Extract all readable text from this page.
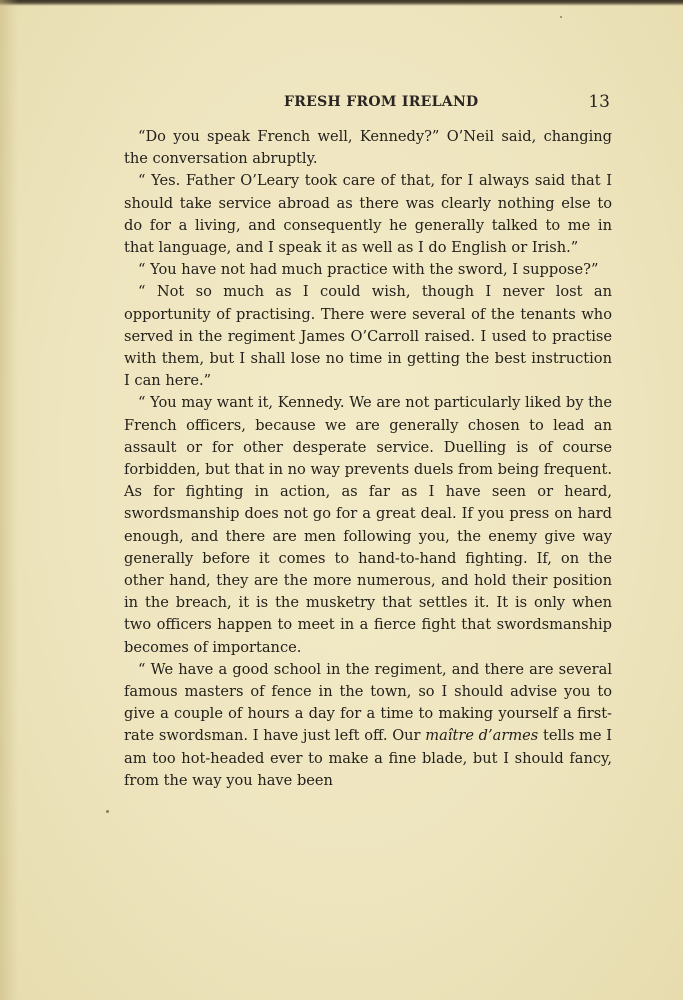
FRESH FROM IRELAND	13

“Do you speak French well, Kennedy?” O’Neil said, changing the conversation abruptly.

“ Yes. Father O’Leary took care of that, for I always said that I should take service abroad as there was clearly nothing else to do for a living, and consequently he generally talked to me in that language, and I speak it as well as I do English or Irish.”

“ You have not had much practice with the sword, I suppose?”

“ Not so much as I could wish, though I never lost an opportunity of practising. There were several of the tenants who served in the regiment James O’Carroll raised. I used to practise with them, but I shall lose no time in getting the best instruction I can here.”

“ You may want it, Kennedy. We are not particularly liked by the French officers, because we are generally chosen to lead an assault or for other desperate service. Duelling is of course forbidden, but that in no way prevents duels from being frequent. As for fighting in action, as far as I have seen or heard, swordsmanship does not go for a great deal. If you press on hard enough, and there are men following you, the enemy give way generally before it comes to hand-to-hand fighting. If, on the other hand, they are the more numerous, and hold their position in the breach, it is the musketry that settles it. It is only when two officers happen to meet in a fierce fight that swordsmanship becomes of importance.

“ We have a good school in the regiment, and there are several famous masters of fence in the town, so I should advise you to give a couple of hours a day for a time to making yourself a first-rate swordsman. I have just left off. Our maître d’armes tells me I am too hot-headed ever to make a fine blade, but I should fancy, from the way you have been
